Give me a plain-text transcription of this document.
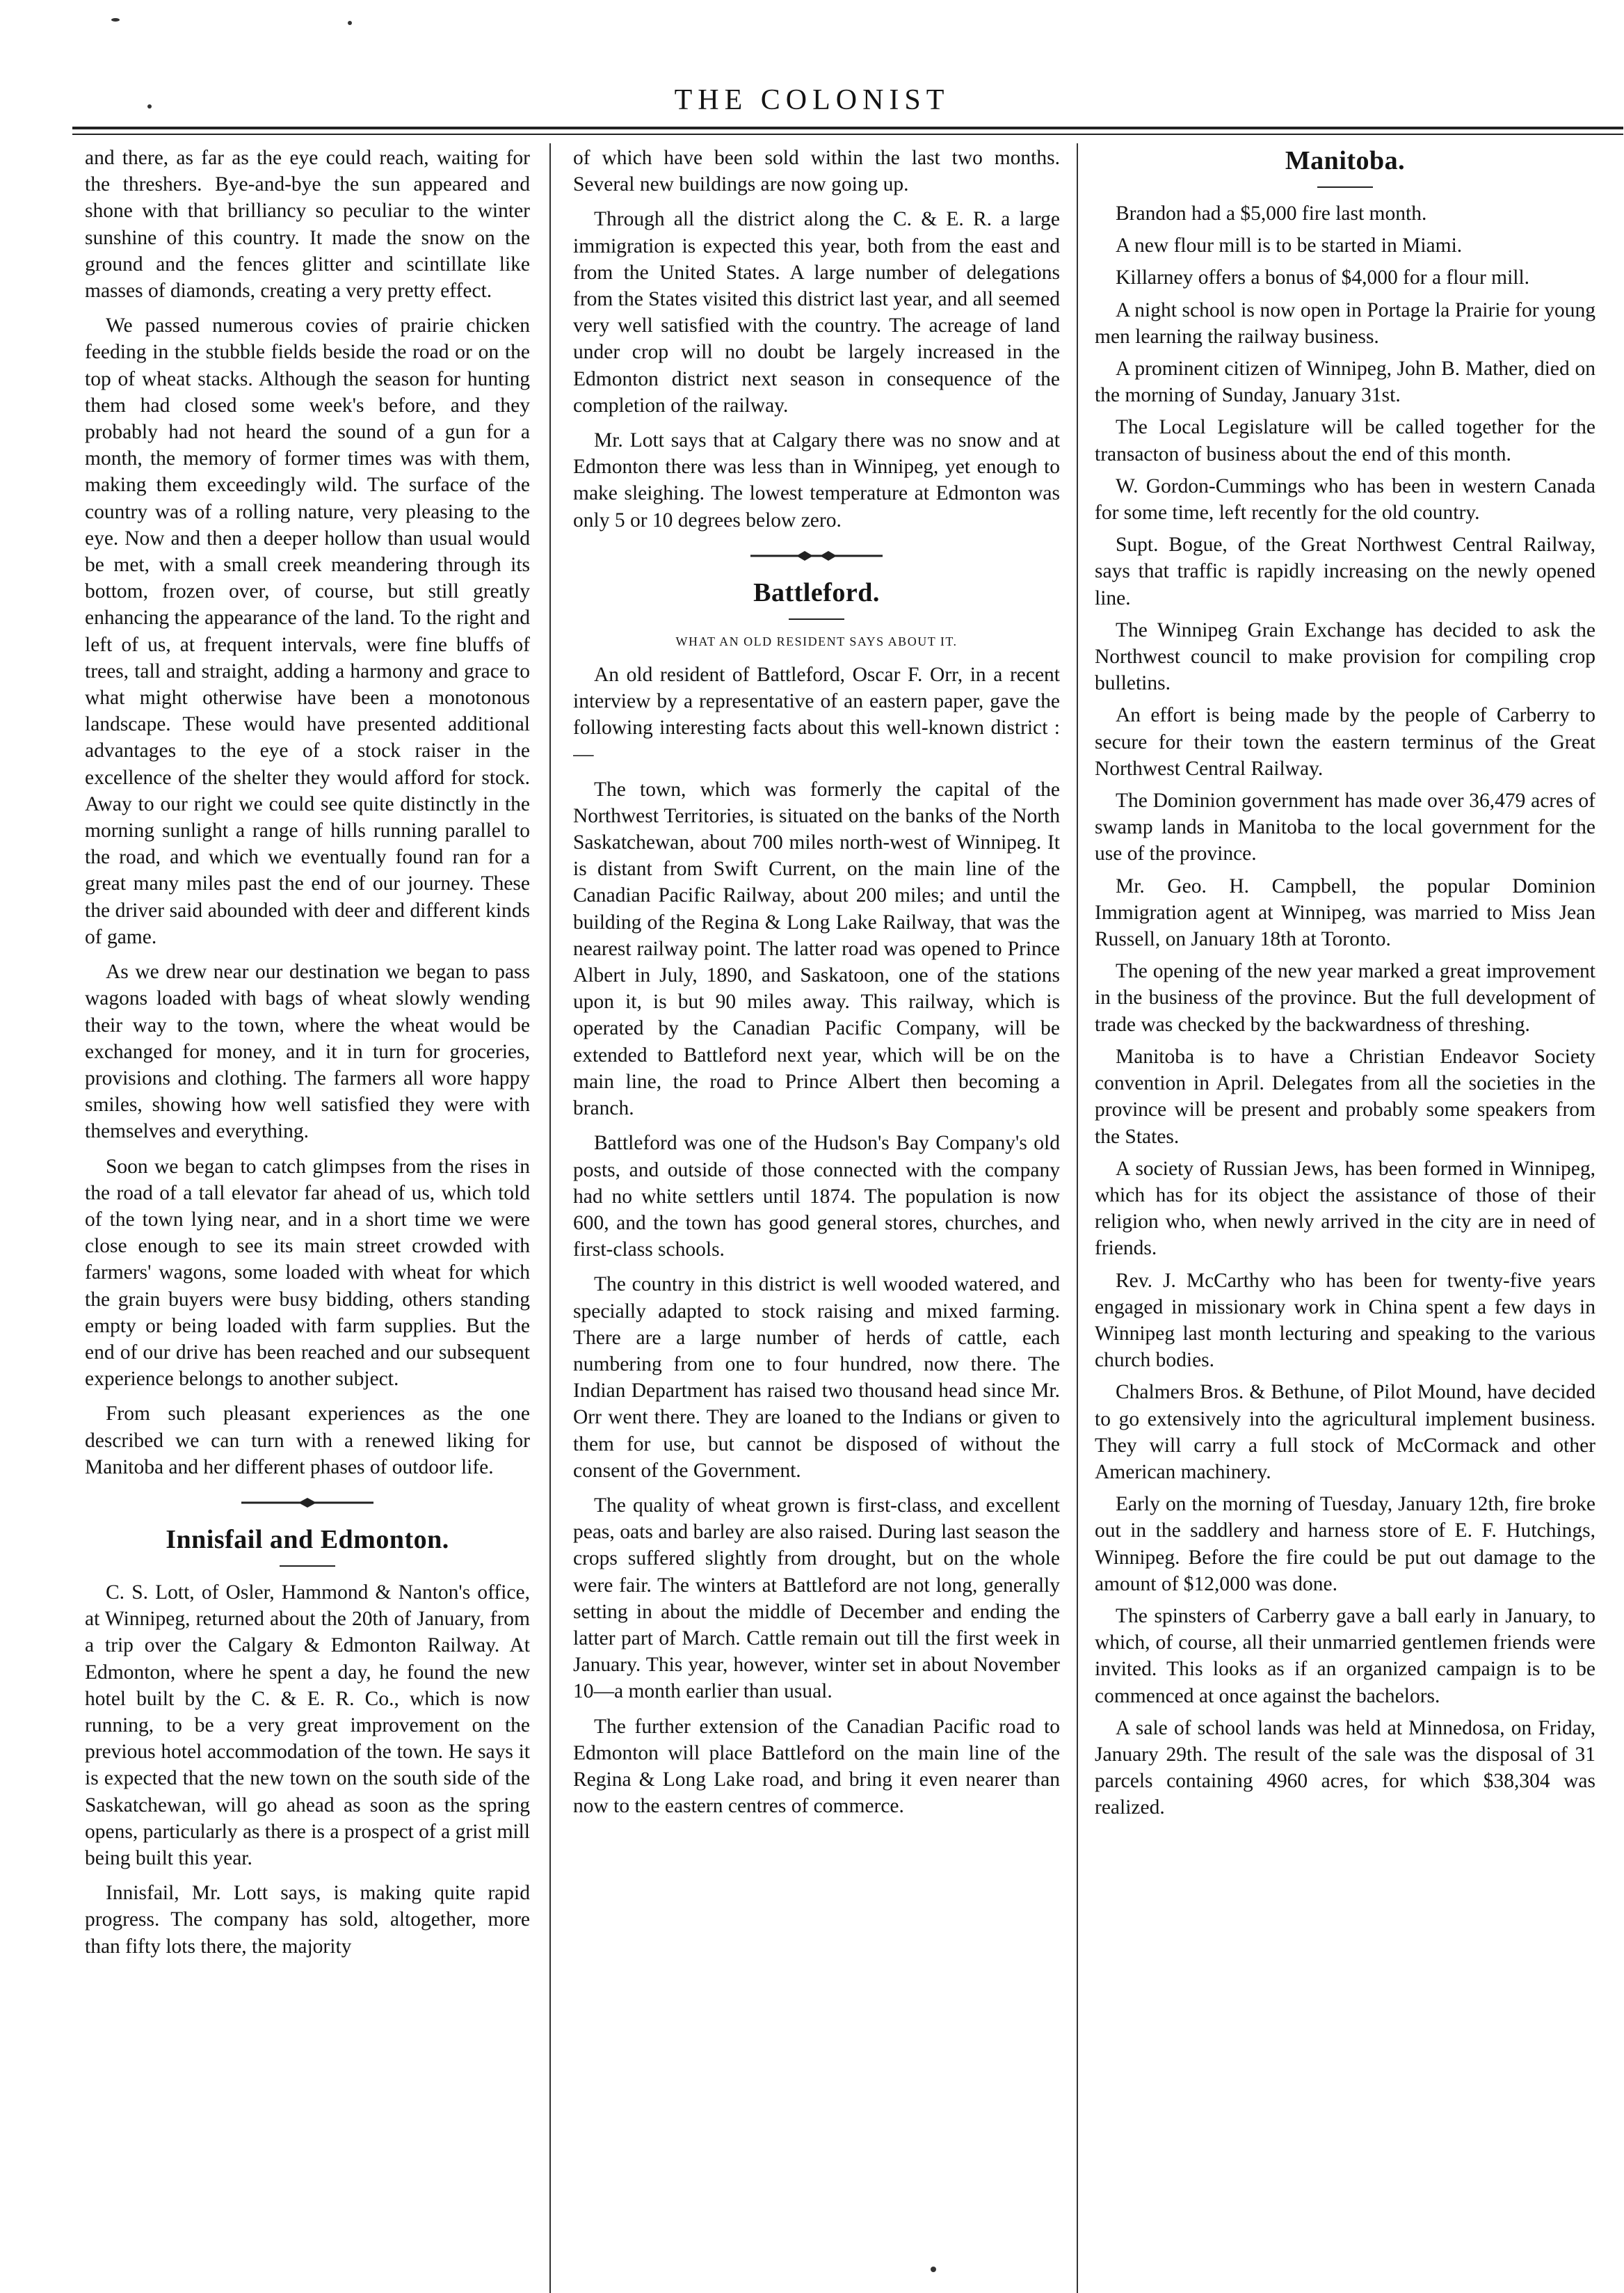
THE COLONIST

and there, as far as the eye could reach, waiting for the threshers. Bye-and-bye the sun appeared and shone with that brilliancy so peculiar to the winter sunshine of this country. It made the snow on the ground and the fences glitter and scintillate like masses of diamonds, creating a very pretty effect.

We passed numerous covies of prairie chicken feeding in the stubble fields beside the road or on the top of wheat stacks. Although the season for hunting them had closed some week's before, and they probably had not heard the sound of a gun for a month, the memory of former times was with them, making them exceedingly wild. The surface of the country was of a rolling nature, very pleasing to the eye. Now and then a deeper hollow than usual would be met, with a small creek meandering through its bottom, frozen over, of course, but still greatly enhancing the appearance of the land. To the right and left of us, at frequent intervals, were fine bluffs of trees, tall and straight, adding a harmony and grace to what might otherwise have been a monotonous landscape. These would have presented additional advantages to the eye of a stock raiser in the excellence of the shelter they would afford for stock. Away to our right we could see quite distinctly in the morning sunlight a range of hills running parallel to the road, and which we eventually found ran for a great many miles past the end of our journey. These the driver said abounded with deer and different kinds of game.

As we drew near our destination we began to pass wagons loaded with bags of wheat slowly wending their way to the town, where the wheat would be exchanged for money, and it in turn for groceries, provisions and clothing. The farmers all wore happy smiles, showing how well satisfied they were with themselves and everything.

Soon we began to catch glimpses from the rises in the road of a tall elevator far ahead of us, which told of the town lying near, and in a short time we were close enough to see its main street crowded with farmers' wagons, some loaded with wheat for which the grain buyers were busy bidding, others standing empty or being loaded with farm supplies. But the end of our drive has been reached and our subsequent experience belongs to another subject.

From such pleasant experiences as the one described we can turn with a renewed liking for Manitoba and her different phases of outdoor life.

Innisfail and Edmonton.

C. S. Lott, of Osler, Hammond & Nanton's office, at Winnipeg, returned about the 20th of January, from a trip over the Calgary & Edmonton Railway. At Edmonton, where he spent a day, he found the new hotel built by the C. & E. R. Co., which is now running, to be a very great improvement on the previous hotel accommodation of the town. He says it is expected that the new town on the south side of the Saskatchewan, will go ahead as soon as the spring opens, particularly as there is a prospect of a grist mill being built this year.

Innisfail, Mr. Lott says, is making quite rapid progress. The company has sold, altogether, more than fifty lots there, the majority

of which have been sold within the last two months. Several new buildings are now going up.

Through all the district along the C. & E. R. a large immigration is expected this year, both from the east and from the United States. A large number of delegations from the States visited this district last year, and all seemed very well satisfied with the country. The acreage of land under crop will no doubt be largely increased in the Edmonton district next season in consequence of the completion of the railway.

Mr. Lott says that at Calgary there was no snow and at Edmonton there was less than in Winnipeg, yet enough to make sleighing. The lowest temperature at Edmonton was only 5 or 10 degrees below zero.

Battleford.
WHAT AN OLD RESIDENT SAYS ABOUT IT.

An old resident of Battleford, Oscar F. Orr, in a recent interview by a representative of an eastern paper, gave the following interesting facts about this well-known district :—

The town, which was formerly the capital of the Northwest Territories, is situated on the banks of the North Saskatchewan, about 700 miles north-west of Winnipeg. It is distant from Swift Current, on the main line of the Canadian Pacific Railway, about 200 miles; and until the building of the Regina & Long Lake Railway, that was the nearest railway point. The latter road was opened to Prince Albert in July, 1890, and Saskatoon, one of the stations upon it, is but 90 miles away. This railway, which is operated by the Canadian Pacific Company, will be extended to Battleford next year, which will be on the main line, the road to Prince Albert then becoming a branch.

Battleford was one of the Hudson's Bay Company's old posts, and outside of those connected with the company had no white settlers until 1874. The population is now 600, and the town has good general stores, churches, and first-class schools.

The country in this district is well wooded watered, and specially adapted to stock raising and mixed farming. There are a large number of herds of cattle, each numbering from one to four hundred, now there. The Indian Department has raised two thousand head since Mr. Orr went there. They are loaned to the Indians or given to them for use, but cannot be disposed of without the consent of the Government.

The quality of wheat grown is first-class, and excellent peas, oats and barley are also raised. During last season the crops suffered slightly from drought, but on the whole were fair. The winters at Battleford are not long, generally setting in about the middle of December and ending the latter part of March. Cattle remain out till the first week in January. This year, however, winter set in about November 10—a month earlier than usual.

The further extension of the Canadian Pacific road to Edmonton will place Battleford on the main line of the Regina & Long Lake road, and bring it even nearer than now to the eastern centres of commerce.

Manitoba.

Brandon had a $5,000 fire last month.

A new flour mill is to be started in Miami.

Killarney offers a bonus of $4,000 for a flour mill.

A night school is now open in Portage la Prairie for young men learning the railway business.

A prominent citizen of Winnipeg, John B. Mather, died on the morning of Sunday, January 31st.

The Local Legislature will be called together for the transacton of business about the end of this month.

W. Gordon-Cummings who has been in western Canada for some time, left recently for the old country.

Supt. Bogue, of the Great Northwest Central Railway, says that traffic is rapidly increasing on the newly opened line.

The Winnipeg Grain Exchange has decided to ask the Northwest council to make provision for compiling crop bulletins.

An effort is being made by the people of Carberry to secure for their town the eastern terminus of the Great Northwest Central Railway.

The Dominion government has made over 36,479 acres of swamp lands in Manitoba to the local government for the use of the province.

Mr. Geo. H. Campbell, the popular Dominion Immigration agent at Winnipeg, was married to Miss Jean Russell, on January 18th at Toronto.

The opening of the new year marked a great improvement in the business of the province. But the full development of trade was checked by the backwardness of threshing.

Manitoba is to have a Christian Endeavor Society convention in April. Delegates from all the societies in the province will be present and probably some speakers from the States.

A society of Russian Jews, has been formed in Winnipeg, which has for its object the assistance of those of their religion who, when newly arrived in the city are in need of friends.

Rev. J. McCarthy who has been for twenty-five years engaged in missionary work in China spent a few days in Winnipeg last month lecturing and speaking to the various church bodies.

Chalmers Bros. & Bethune, of Pilot Mound, have decided to go extensively into the agricultural implement business. They will carry a full stock of McCormack and other American machinery.

Early on the morning of Tuesday, January 12th, fire broke out in the saddlery and harness store of E. F. Hutchings, Winnipeg. Before the fire could be put out damage to the amount of $12,000 was done.

The spinsters of Carberry gave a ball early in January, to which, of course, all their unmarried gentlemen friends were invited. This looks as if an organized campaign is to be commenced at once against the bachelors.

A sale of school lands was held at Minnedosa, on Friday, January 29th. The result of the sale was the disposal of 31 parcels containing 4960 acres, for which $38,304 was realized.
